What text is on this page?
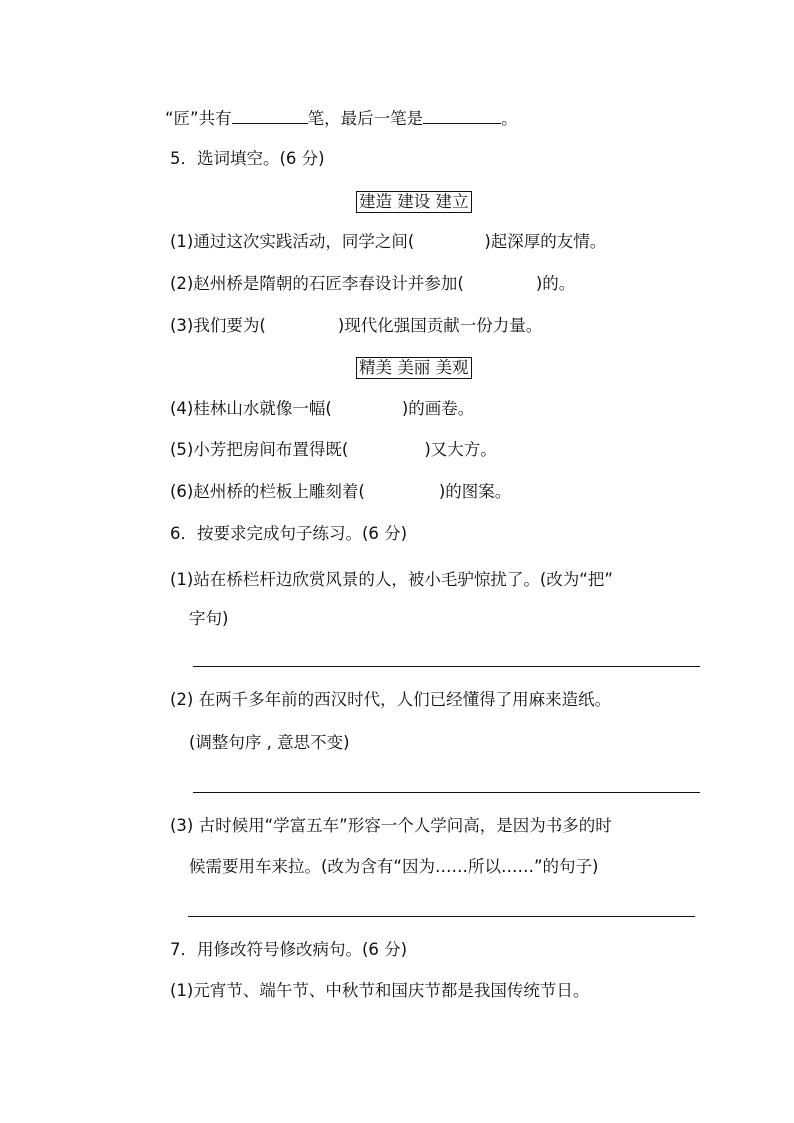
“匠”共有	笔，最后一笔是	。
5．选词填空。(6 分)
建造 建设 建立
(1)通过这次实践活动，同学之间(	)起深厚的友情。
(2)赵州桥是隋朝的石匠李春设计并参加(	)的。
(3)我们要为(	)现代化强国贡献一份力量。
精美 美丽 美观
(4)桂林山水就像一幅(	)的画卷。
(5)小芳把房间布置得既(	)又大方。
(6)赵州桥的栏板上雕刻着(	)的图案。
6．按要求完成句子练习。(6 分)
(1)站在桥栏杆边欣赏风景的人，被小毛驴惊扰了。(改为“把”
字句)
(2) 在两千多年前的西汉时代，人们已经懂得了用麻来造纸。
(调整句序 , 意思不变)
(3) 古时候用“学富五车”形容一个人学问高，是因为书多的时
候需要用车来拉。(改为含有“因为……所以……”的句子)
7．用修改符号修改病句。(6 分)
(1)元宵节、端午节、中秋节和国庆节都是我国传统节日。
